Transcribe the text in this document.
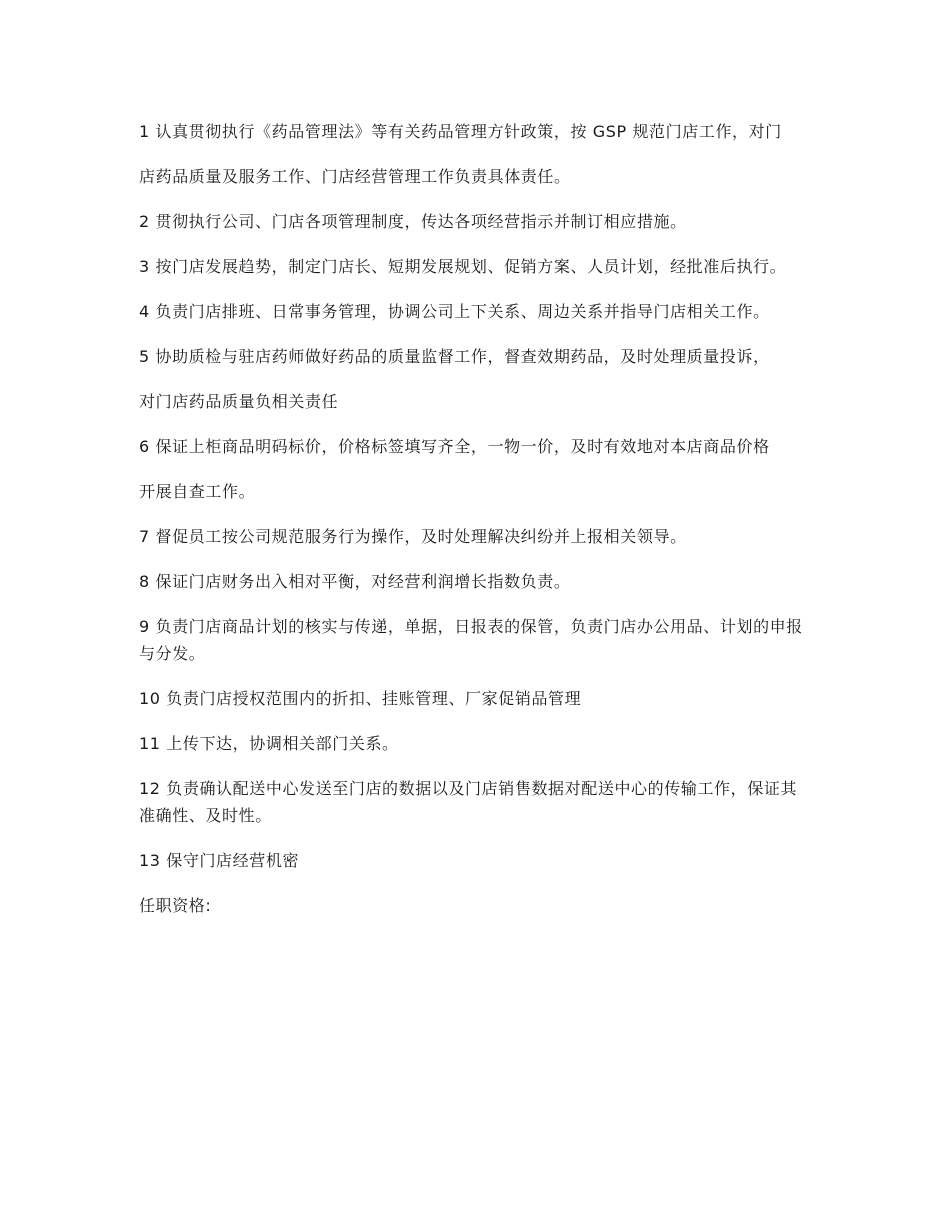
1 认真贯彻执行《药品管理法》等有关药品管理方针政策，按 GSP 规范门店工作，对门

店药品质量及服务工作、门店经营管理工作负责具体责任。

2 贯彻执行公司、门店各项管理制度，传达各项经营指示并制订相应措施。

3 按门店发展趋势，制定门店长、短期发展规划、促销方案、人员计划，经批准后执行。

4 负责门店排班、日常事务管理，协调公司上下关系、周边关系并指导门店相关工作。

5 协助质检与驻店药师做好药品的质量监督工作，督查效期药品，及时处理质量投诉，

对门店药品质量负相关责任

6 保证上柜商品明码标价，价格标签填写齐全，一物一价，及时有效地对本店商品价格

开展自查工作。

7 督促员工按公司规范服务行为操作，及时处理解决纠纷并上报相关领导。

8 保证门店财务出入相对平衡，对经营利润增长指数负责。

9 负责门店商品计划的核实与传递，单据，日报表的保管，负责门店办公用品、计划的申报与分发。

10 负责门店授权范围内的折扣、挂账管理、厂家促销品管理

11 上传下达，协调相关部门关系。

12 负责确认配送中心发送至门店的数据以及门店销售数据对配送中心的传输工作，保证其准确性、及时性。

13 保守门店经营机密

任职资格:
